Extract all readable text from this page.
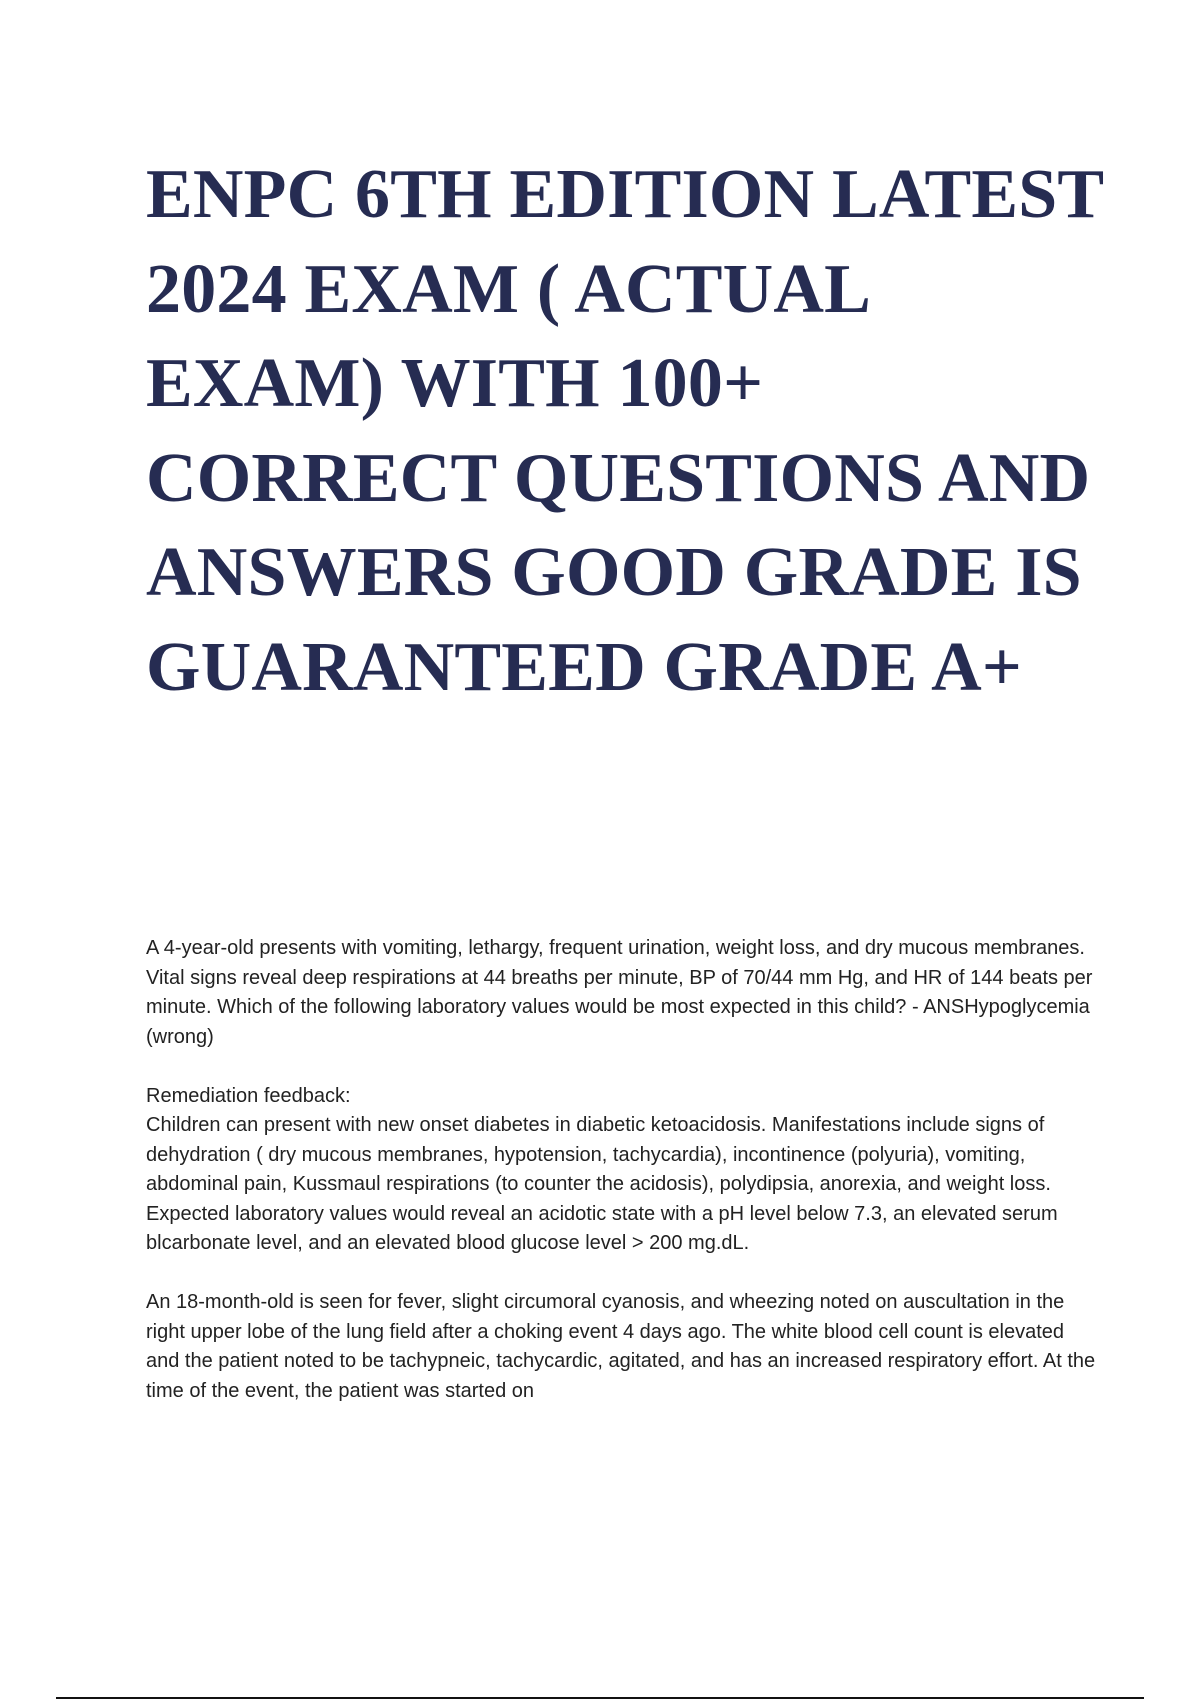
ENPC 6TH EDITION LATEST 2024 EXAM ( ACTUAL EXAM) WITH 100+ CORRECT QUESTIONS AND ANSWERS GOOD GRADE IS GUARANTEED GRADE A+

A 4-year-old presents with vomiting, lethargy, frequent urination, weight loss, and dry mucous membranes. Vital signs reveal deep respirations at 44 breaths per minute, BP of 70/44 mm Hg, and HR of 144 beats per minute. Which of the following laboratory values would be most expected in this child? - ANSHypoglycemia (wrong)

Remediation feedback:

Children can present with new onset diabetes in diabetic ketoacidosis. Manifestations include signs of dehydration ( dry mucous membranes, hypotension, tachycardia), incontinence (polyuria), vomiting, abdominal pain, Kussmaul respirations (to counter the acidosis), polydipsia, anorexia, and weight loss. Expected laboratory values would reveal an acidotic state with a pH level below 7.3, an elevated serum blcarbonate level, and an elevated blood glucose level > 200 mg.dL.

An 18-month-old is seen for fever, slight circumoral cyanosis, and wheezing noted on auscultation in the right upper lobe of the lung field after a choking event 4 days ago. The white blood cell count is elevated and the patient noted to be tachypneic, tachycardic, agitated, and has an increased respiratory effort. At the time of the event, the patient was started on
